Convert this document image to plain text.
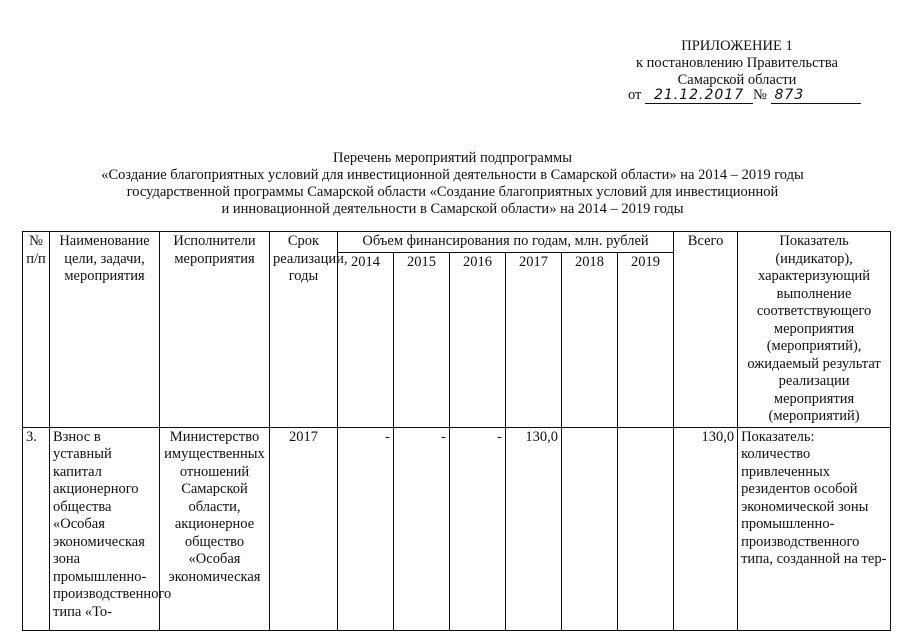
ПРИЛОЖЕНИЕ 1
к постановлению Правительства
Самарской области
от 21.12.2017 № 873
Перечень мероприятий подпрограммы
«Создание благоприятных условий для инвестиционной деятельности в Самарской области» на 2014 – 2019 годы
государственной программы Самарской области «Создание благоприятных условий для инвестиционной
и инновационной деятельности в Самарской области» на 2014 – 2019 годы
№ п/п	Наименование цели, задачи, мероприятия	Исполнители мероприятия	Срок реализации, годы	Объем финансирования по годам, млн. рублей						Всего	Показатель (индикатор), характеризующий выполнение соответствующего мероприятия (мероприятий), ожидаемый результат реализации мероприятия (мероприятий)
				2014	2015	2016	2017	2018	2019		
3.	Взнос в уставный капитал акционерного общества «Особая экономическая зона промышленно-производственного типа «То-	Министерство имущественных отношений Самарской области, акционерное общество «Особая экономическая	2017	-	-	-	130,0			130,0	Показатель: количество привлеченных резидентов особой экономической зоны промышленно-производственного типа, созданной на тер-
